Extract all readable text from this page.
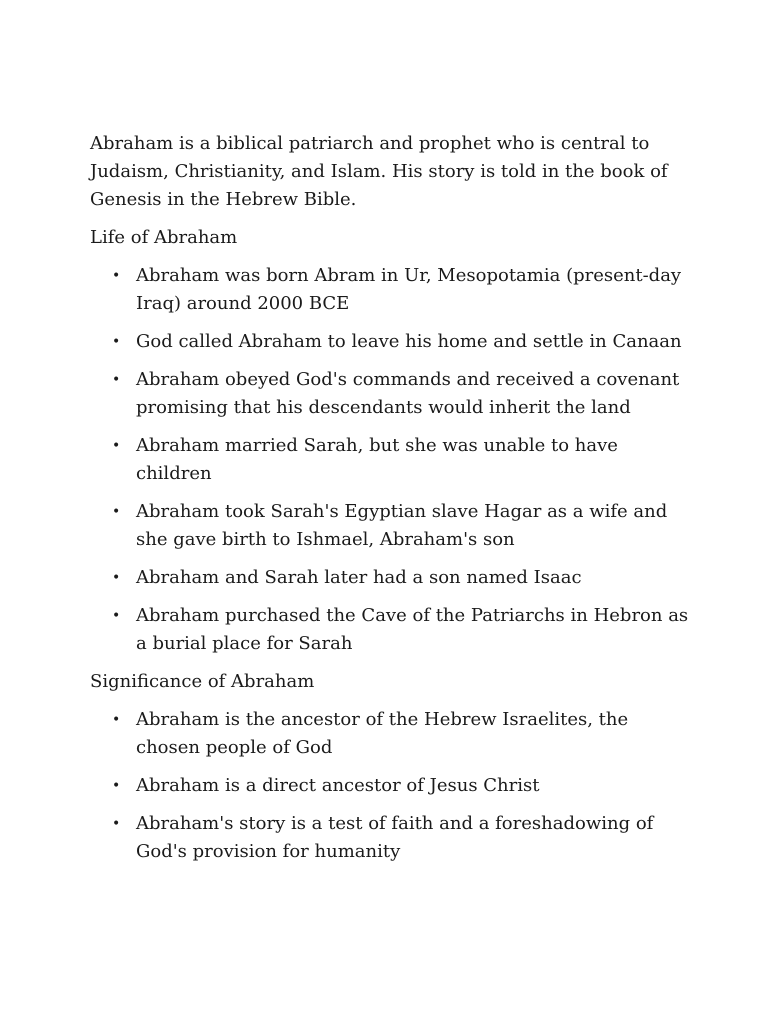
Abraham is a biblical patriarch and prophet who is central to Judaism, Christianity, and Islam. His story is told in the book of Genesis in the Hebrew Bible.

Life of Abraham

• Abraham was born Abram in Ur, Mesopotamia (present-day Iraq) around 2000 BCE
• God called Abraham to leave his home and settle in Canaan
• Abraham obeyed God's commands and received a covenant promising that his descendants would inherit the land
• Abraham married Sarah, but she was unable to have children
• Abraham took Sarah's Egyptian slave Hagar as a wife and she gave birth to Ishmael, Abraham's son
• Abraham and Sarah later had a son named Isaac
• Abraham purchased the Cave of the Patriarchs in Hebron as a burial place for Sarah

Significance of Abraham

• Abraham is the ancestor of the Hebrew Israelites, the chosen people of God
• Abraham is a direct ancestor of Jesus Christ
• Abraham's story is a test of faith and a foreshadowing of God's provision for humanity
